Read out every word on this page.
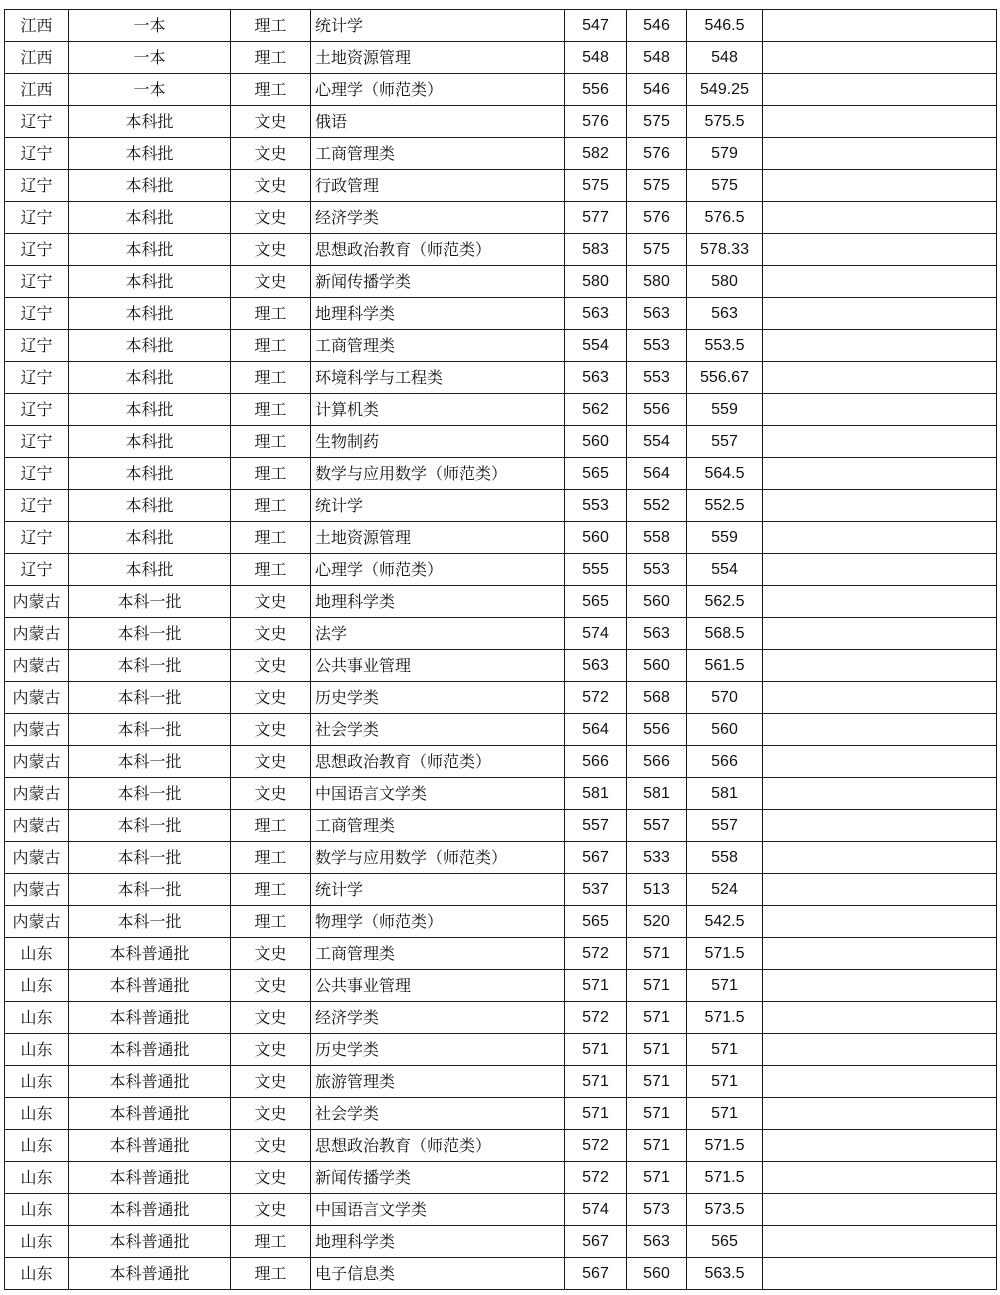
江西	一本	理工	统计学	547	546	546.5	
江西	一本	理工	土地资源管理	548	548	548	
江西	一本	理工	心理学（师范类）	556	546	549.25	
辽宁	本科批	文史	俄语	576	575	575.5	
辽宁	本科批	文史	工商管理类	582	576	579	
辽宁	本科批	文史	行政管理	575	575	575	
辽宁	本科批	文史	经济学类	577	576	576.5	
辽宁	本科批	文史	思想政治教育（师范类）	583	575	578.33	
辽宁	本科批	文史	新闻传播学类	580	580	580	
辽宁	本科批	理工	地理科学类	563	563	563	
辽宁	本科批	理工	工商管理类	554	553	553.5	
辽宁	本科批	理工	环境科学与工程类	563	553	556.67	
辽宁	本科批	理工	计算机类	562	556	559	
辽宁	本科批	理工	生物制药	560	554	557	
辽宁	本科批	理工	数学与应用数学（师范类）	565	564	564.5	
辽宁	本科批	理工	统计学	553	552	552.5	
辽宁	本科批	理工	土地资源管理	560	558	559	
辽宁	本科批	理工	心理学（师范类）	555	553	554	
内蒙古	本科一批	文史	地理科学类	565	560	562.5	
内蒙古	本科一批	文史	法学	574	563	568.5	
内蒙古	本科一批	文史	公共事业管理	563	560	561.5	
内蒙古	本科一批	文史	历史学类	572	568	570	
内蒙古	本科一批	文史	社会学类	564	556	560	
内蒙古	本科一批	文史	思想政治教育（师范类）	566	566	566	
内蒙古	本科一批	文史	中国语言文学类	581	581	581	
内蒙古	本科一批	理工	工商管理类	557	557	557	
内蒙古	本科一批	理工	数学与应用数学（师范类）	567	533	558	
内蒙古	本科一批	理工	统计学	537	513	524	
内蒙古	本科一批	理工	物理学（师范类）	565	520	542.5	
山东	本科普通批	文史	工商管理类	572	571	571.5	
山东	本科普通批	文史	公共事业管理	571	571	571	
山东	本科普通批	文史	经济学类	572	571	571.5	
山东	本科普通批	文史	历史学类	571	571	571	
山东	本科普通批	文史	旅游管理类	571	571	571	
山东	本科普通批	文史	社会学类	571	571	571	
山东	本科普通批	文史	思想政治教育（师范类）	572	571	571.5	
山东	本科普通批	文史	新闻传播学类	572	571	571.5	
山东	本科普通批	文史	中国语言文学类	574	573	573.5	
山东	本科普通批	理工	地理科学类	567	563	565	
山东	本科普通批	理工	电子信息类	567	560	563.5	
